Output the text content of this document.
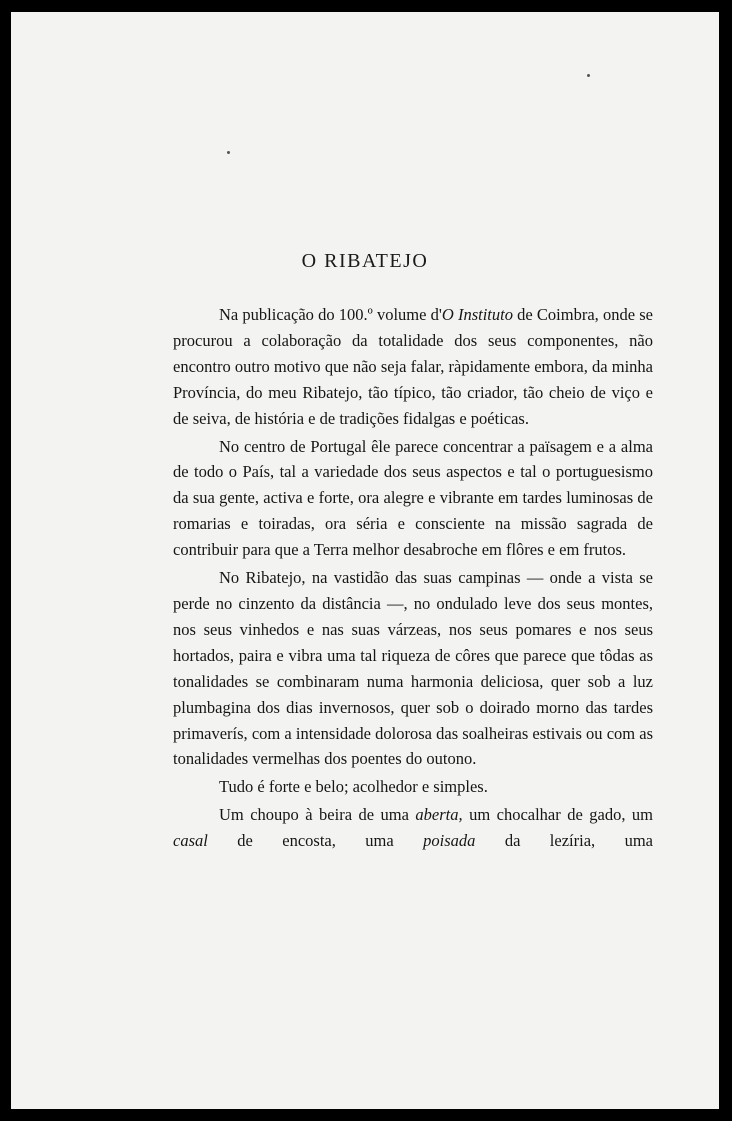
O RIBATEJO

Na publicação do 100.º volume d'O Instituto de Coimbra, onde se procurou a colaboração da totalidade dos seus componentes, não encontro outro motivo que não seja falar, ràpidamente embora, da minha Província, do meu Ribatejo, tão típico, tão criador, tão cheio de viço e de seiva, de história e de tradições fidalgas e poéticas.

No centro de Portugal êle parece concentrar a païsagem e a alma de todo o País, tal a variedade dos seus aspectos e tal o portuguesismo da sua gente, activa e forte, ora alegre e vibrante em tardes luminosas de romarias e toiradas, ora séria e consciente na missão sagrada de contribuir para que a Terra melhor desabroche em flôres e em frutos.

No Ribatejo, na vastidão das suas campinas — onde a vista se perde no cinzento da distância —, no ondulado leve dos seus montes, nos seus vinhedos e nas suas várzeas, nos seus pomares e nos seus hortados, paira e vibra uma tal riqueza de côres que parece que tôdas as tonalidades se combinaram numa harmonia deliciosa, quer sob a luz plumbagina dos dias invernosos, quer sob o doirado morno das tardes primaverís, com a intensidade dolorosa das soalheiras estivais ou com as tonalidades vermelhas dos poentes do outono.

Tudo é forte e belo; acolhedor e simples.

Um choupo à beira de uma aberta, um chocalhar de gado, um casal de encosta, uma poisada da lezíria, uma
